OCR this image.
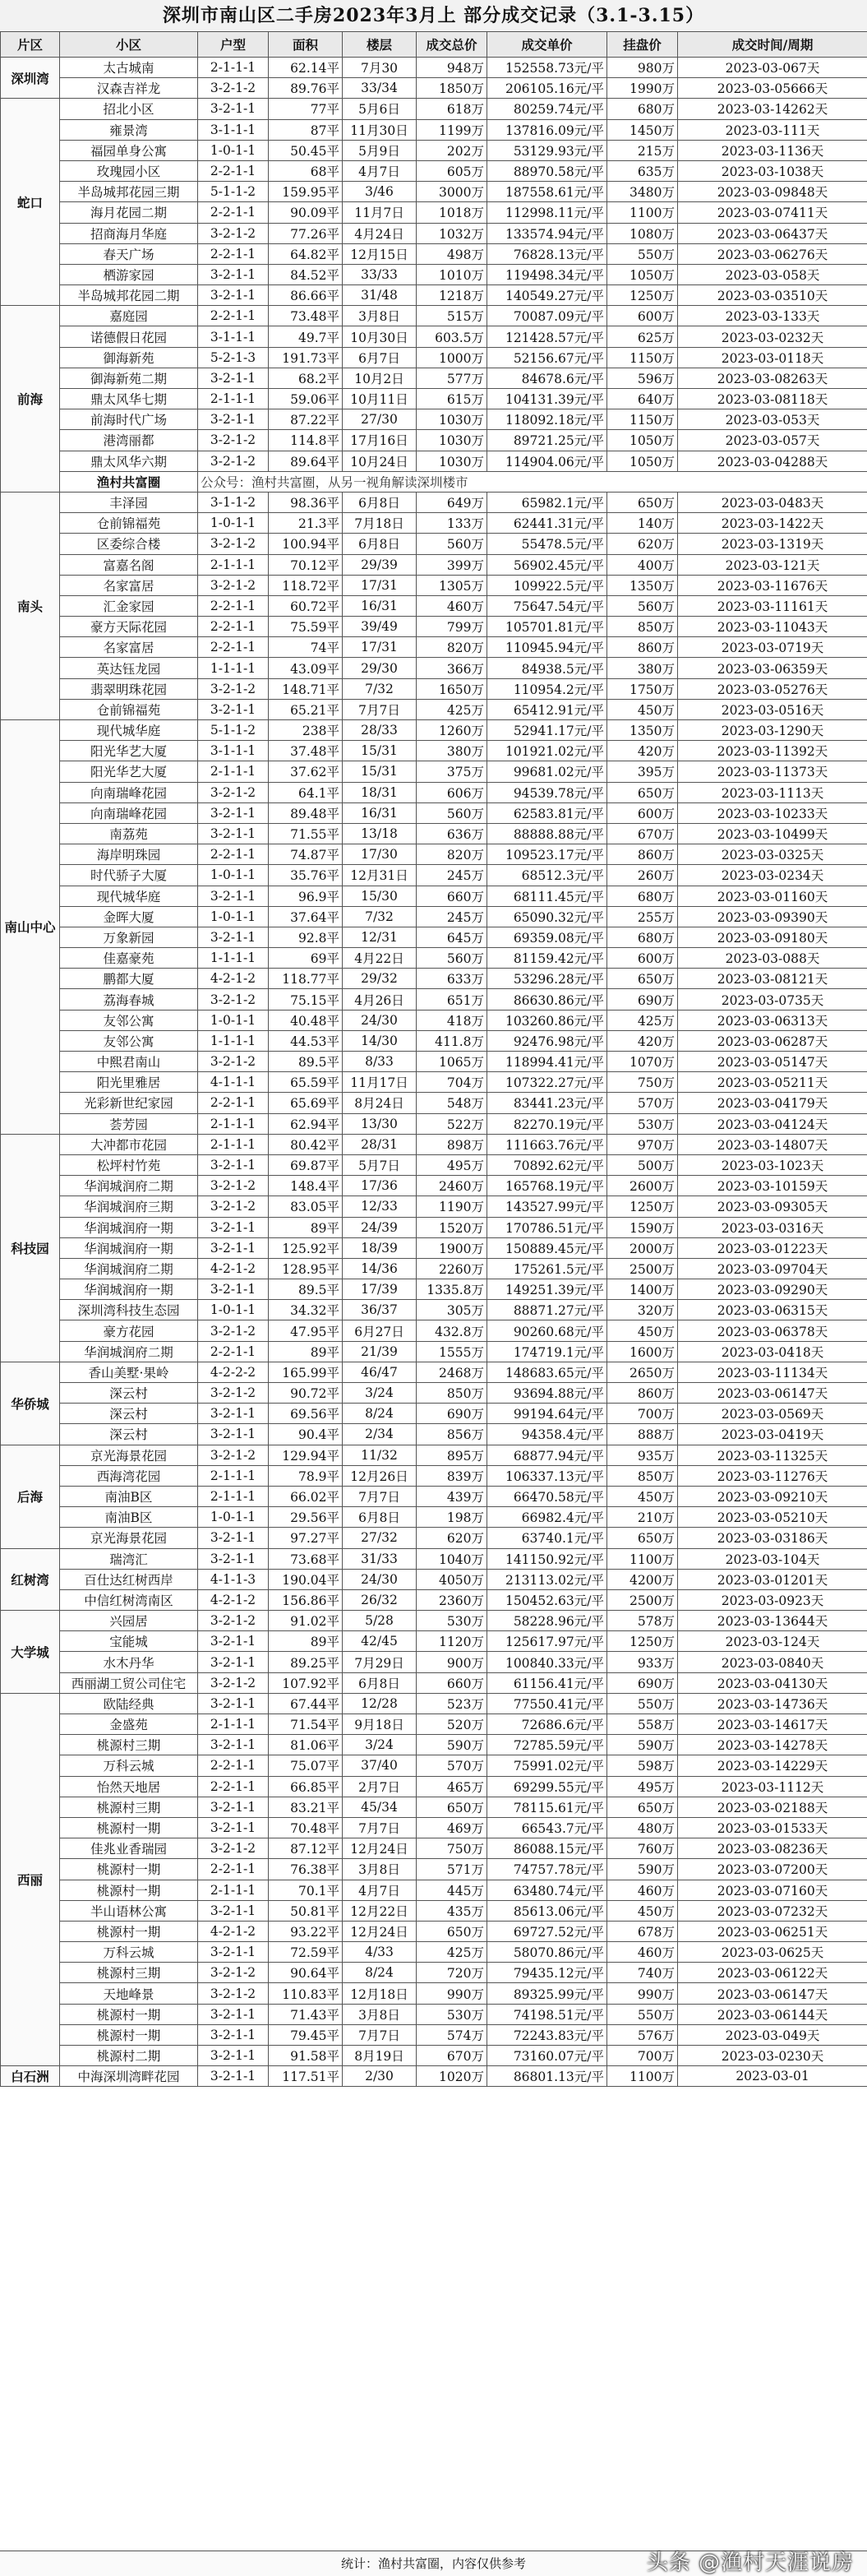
深圳市南山区二手房2023年3月上 部分成交记录（3.1-3.15）
片区	小区	户型	面积	楼层	成交总价	成交单价	挂盘价	成交时间/周期
深圳湾	太古城南	2-1-1-1	62.14平	7月30	948万	152558.73元/平	980万	2023-03-067天
	汉森吉祥龙	3-2-1-2	89.76平	33/34	1850万	206105.16元/平	1990万	2023-03-05666天
蛇口	招北小区	3-2-1-1	77平	5月6日	618万	80259.74元/平	680万	2023-03-14262天
	雍景湾	3-1-1-1	87平	11月30日	1199万	137816.09元/平	1450万	2023-03-111天
	福园单身公寓	1-0-1-1	50.45平	5月9日	202万	53129.93元/平	215万	2023-03-1136天
	玫瑰园小区	2-2-1-1	68平	4月7日	605万	88970.58元/平	635万	2023-03-1038天
	半岛城邦花园三期	5-1-1-2	159.95平	3/46	3000万	187558.61元/平	3480万	2023-03-09848天
	海月花园二期	2-2-1-1	90.09平	11月7日	1018万	112998.11元/平	1100万	2023-03-07411天
	招商海月华庭	3-2-1-2	77.26平	4月24日	1032万	133574.94元/平	1080万	2023-03-06437天
	春天广场	2-2-1-1	64.82平	12月15日	498万	76828.13元/平	550万	2023-03-06276天
	栖游家园	3-2-1-1	84.52平	33/33	1010万	119498.34元/平	1050万	2023-03-058天
	半岛城邦花园二期	3-2-1-1	86.66平	31/48	1218万	140549.27元/平	1250万	2023-03-03510天
前海	嘉庭园	2-2-1-1	73.48平	3月8日	515万	70087.09元/平	600万	2023-03-133天
	诺德假日花园	3-1-1-1	49.7平	10月30日	603.5万	121428.57元/平	625万	2023-03-0232天
	御海新苑	5-2-1-3	191.73平	6月7日	1000万	52156.67元/平	1150万	2023-03-0118天
	御海新苑二期	3-2-1-1	68.2平	10月2日	577万	84678.6元/平	596万	2023-03-08263天
	鼎太风华七期	2-1-1-1	59.06平	10月11日	615万	104131.39元/平	640万	2023-03-08118天
	前海时代广场	3-2-1-1	87.22平	27/30	1030万	118092.18元/平	1150万	2023-03-053天
	港湾丽都	3-2-1-2	114.8平	17月16日	1030万	89721.25元/平	1050万	2023-03-057天
	鼎太风华六期	3-2-1-2	89.64平	10月24日	1030万	114904.06元/平	1050万	2023-03-04288天
	渔村共富圈	公众号：渔村共富圈，从另一视角解读深圳楼市						
南头	丰泽园	3-1-1-2	98.36平	6月8日	649万	65982.1元/平	650万	2023-03-0483天
	仓前锦福苑	1-0-1-1	21.3平	7月18日	133万	62441.31元/平	140万	2023-03-1422天
	区委综合楼	3-2-1-2	100.94平	6月8日	560万	55478.5元/平	620万	2023-03-1319天
	富嘉名阁	2-1-1-1	70.12平	29/39	399万	56902.45元/平	400万	2023-03-121天
	名家富居	3-2-1-2	118.72平	17/31	1305万	109922.5元/平	1350万	2023-03-11676天
	汇金家园	2-2-1-1	60.72平	16/31	460万	75647.54元/平	560万	2023-03-11161天
	豪方天际花园	2-2-1-1	75.59平	39/49	799万	105701.81元/平	850万	2023-03-11043天
	名家富居	2-2-1-1	74平	17/31	820万	110945.94元/平	860万	2023-03-0719天
	英达钰龙园	1-1-1-1	43.09平	29/30	366万	84938.5元/平	380万	2023-03-06359天
	翡翠明珠花园	3-2-1-2	148.71平	7/32	1650万	110954.2元/平	1750万	2023-03-05276天
	仓前锦福苑	3-2-1-1	65.21平	7月7日	425万	65412.91元/平	450万	2023-03-0516天
南山中心	现代城华庭	5-1-1-2	238平	28/33	1260万	52941.17元/平	1350万	2023-03-1290天
	阳光华艺大厦	3-1-1-1	37.48平	15/31	380万	101921.02元/平	420万	2023-03-11392天
	阳光华艺大厦	2-1-1-1	37.62平	15/31	375万	99681.02元/平	395万	2023-03-11373天
	向南瑞峰花园	3-2-1-2	64.1平	18/31	606万	94539.78元/平	650万	2023-03-1113天
	向南瑞峰花园	3-2-1-1	89.48平	16/31	560万	62583.81元/平	600万	2023-03-10233天
	南荔苑	3-2-1-1	71.55平	13/18	636万	88888.88元/平	670万	2023-03-10499天
	海岸明珠园	2-2-1-1	74.87平	17/30	820万	109523.17元/平	860万	2023-03-0325天
	时代骄子大厦	1-0-1-1	35.76平	12月31日	245万	68512.3元/平	260万	2023-03-0234天
	现代城华庭	3-2-1-1	96.9平	15/30	660万	68111.45元/平	680万	2023-03-01160天
	金晖大厦	1-0-1-1	37.64平	7/32	245万	65090.32元/平	255万	2023-03-09390天
	万象新园	3-2-1-1	92.8平	12/31	645万	69359.08元/平	680万	2023-03-09180天
	佳嘉豪苑	1-1-1-1	69平	4月22日	560万	81159.42元/平	600万	2023-03-088天
	鹏都大厦	4-2-1-2	118.77平	29/32	633万	53296.28元/平	650万	2023-03-08121天
	荔海春城	3-2-1-2	75.15平	4月26日	651万	86630.86元/平	690万	2023-03-0735天
	友邻公寓	1-0-1-1	40.48平	24/30	418万	103260.86元/平	425万	2023-03-06313天
	友邻公寓	1-1-1-1	44.53平	14/30	411.8万	92476.98元/平	420万	2023-03-06287天
	中熙君南山	3-2-1-2	89.5平	8/33	1065万	118994.41元/平	1070万	2023-03-05147天
	阳光里雅居	4-1-1-1	65.59平	11月17日	704万	107322.27元/平	750万	2023-03-05211天
	光彩新世纪家园	2-2-1-1	65.69平	8月24日	548万	83441.23元/平	570万	2023-03-04179天
	荟芳园	2-1-1-1	62.94平	13/30	522万	82270.19元/平	530万	2023-03-04124天
科技园	大冲都市花园	2-1-1-1	80.42平	28/31	898万	111663.76元/平	970万	2023-03-14807天
	松坪村竹苑	3-2-1-1	69.87平	5月7日	495万	70892.62元/平	500万	2023-03-1023天
	华润城润府二期	3-2-1-2	148.4平	17/36	2460万	165768.19元/平	2600万	2023-03-10159天
	华润城润府三期	3-2-1-2	83.05平	12/33	1190万	143527.99元/平	1250万	2023-03-09305天
	华润城润府一期	3-2-1-1	89平	24/39	1520万	170786.51元/平	1590万	2023-03-0316天
	华润城润府一期	3-2-1-1	125.92平	18/39	1900万	150889.45元/平	2000万	2023-03-01223天
	华润城润府二期	4-2-1-2	128.95平	14/36	2260万	175261.5元/平	2500万	2023-03-09704天
	华润城润府一期	3-2-1-1	89.5平	17/39	1335.8万	149251.39元/平	1400万	2023-03-09290天
	深圳湾科技生态园	1-0-1-1	34.32平	36/37	305万	88871.27元/平	320万	2023-03-06315天
	豪方花园	3-2-1-2	47.95平	6月27日	432.8万	90260.68元/平	450万	2023-03-06378天
	华润城润府二期	2-2-1-1	89平	21/39	1555万	174719.1元/平	1600万	2023-03-0418天
华侨城	香山美墅·果岭	4-2-2-2	165.99平	46/47	2468万	148683.65元/平	2650万	2023-03-11134天
	深云村	3-2-1-2	90.72平	3/24	850万	93694.88元/平	860万	2023-03-06147天
	深云村	3-2-1-1	69.56平	8/24	690万	99194.64元/平	700万	2023-03-0569天
	深云村	3-2-1-1	90.4平	2/34	856万	94358.4元/平	888万	2023-03-0419天
后海	京光海景花园	3-2-1-2	129.94平	11/32	895万	68877.94元/平	935万	2023-03-11325天
	西海湾花园	2-1-1-1	78.9平	12月26日	839万	106337.13元/平	850万	2023-03-11276天
	南油B区	2-1-1-1	66.02平	7月7日	439万	66470.58元/平	450万	2023-03-09210天
	南油B区	1-0-1-1	29.56平	6月8日	198万	66982.4元/平	210万	2023-03-05210天
	京光海景花园	3-2-1-1	97.27平	27/32	620万	63740.1元/平	650万	2023-03-03186天
红树湾	瑞湾汇	3-2-1-1	73.68平	31/33	1040万	141150.92元/平	1100万	2023-03-104天
	百仕达红树西岸	4-1-1-3	190.04平	24/30	4050万	213113.02元/平	4200万	2023-03-01201天
	中信红树湾南区	4-2-1-2	156.86平	26/32	2360万	150452.63元/平	2500万	2023-03-0923天
大学城	兴园居	3-2-1-2	91.02平	5/28	530万	58228.96元/平	578万	2023-03-13644天
	宝能城	3-2-1-1	89平	42/45	1120万	125617.97元/平	1250万	2023-03-124天
	水木丹华	3-2-1-1	89.25平	7月29日	900万	100840.33元/平	933万	2023-03-0840天
	西丽湖工贸公司住宅	3-2-1-2	107.92平	6月8日	660万	61156.41元/平	690万	2023-03-04130天
西丽	欧陆经典	3-2-1-1	67.44平	12/28	523万	77550.41元/平	550万	2023-03-14736天
	金盛苑	2-1-1-1	71.54平	9月18日	520万	72686.6元/平	558万	2023-03-14617天
	桃源村三期	3-2-1-1	81.06平	3/24	590万	72785.59元/平	590万	2023-03-14278天
	万科云城	2-2-1-1	75.07平	37/40	570万	75991.02元/平	598万	2023-03-14229天
	怡然天地居	2-2-1-1	66.85平	2月7日	465万	69299.55元/平	495万	2023-03-1112天
	桃源村三期	3-2-1-1	83.21平	45/34	650万	78115.61元/平	650万	2023-03-02188天
	桃源村一期	3-2-1-1	70.48平	7月7日	469万	66543.7元/平	480万	2023-03-01533天
	佳兆业香瑞园	3-2-1-2	87.12平	12月24日	750万	86088.15元/平	760万	2023-03-08236天
	桃源村一期	2-2-1-1	76.38平	3月8日	571万	74757.78元/平	590万	2023-03-07200天
	桃源村一期	2-1-1-1	70.1平	4月7日	445万	63480.74元/平	460万	2023-03-07160天
	半山语林公寓	3-2-1-1	50.81平	12月22日	435万	85613.06元/平	450万	2023-03-07232天
	桃源村一期	4-2-1-2	93.22平	12月24日	650万	69727.52元/平	678万	2023-03-06251天
	万科云城	3-2-1-1	72.59平	4/33	425万	58070.86元/平	460万	2023-03-0625天
	桃源村三期	3-2-1-2	90.64平	8/24	720万	79435.12元/平	740万	2023-03-06122天
	天地峰景	3-2-1-2	110.83平	12月18日	990万	89325.99元/平	990万	2023-03-06147天
	桃源村一期	3-2-1-1	71.43平	3月8日	530万	74198.51元/平	550万	2023-03-06144天
	桃源村一期	3-2-1-1	79.45平	7月7日	574万	72243.83元/平	576万	2023-03-049天
	桃源村二期	3-2-1-1	91.58平	8月19日	670万	73160.07元/平	700万	2023-03-0230天
白石洲	中海深圳湾畔花园	3-2-1-1	117.51平	2/30	1020万	86801.13元/平	1100万	2023-03-01
统计：渔村共富圈，内容仅供参考	头条 @渔村天涯说房
